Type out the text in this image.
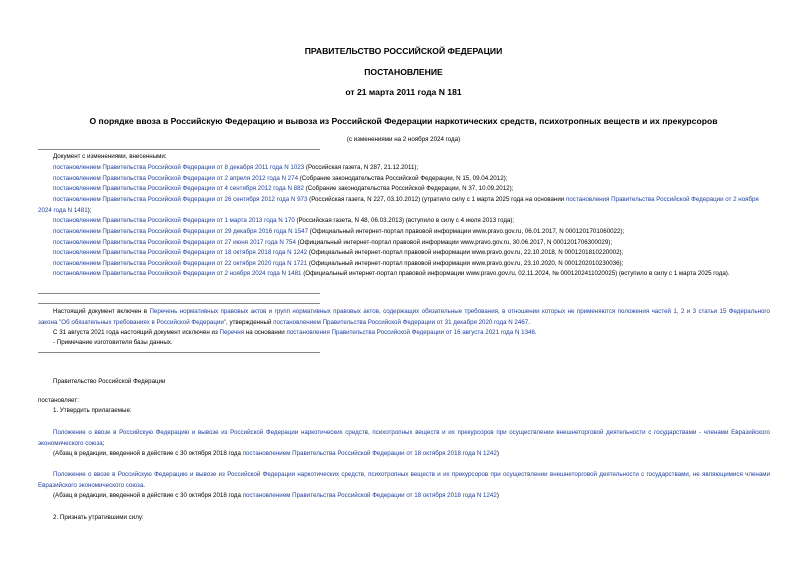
ПРАВИТЕЛЬСТВО РОССИЙСКОЙ ФЕДЕРАЦИИ
ПОСТАНОВЛЕНИЕ
от 21 марта 2011 года N 181
О порядке ввоза в Российскую Федерацию и вывоза из Российской Федерации наркотических средств, психотропных веществ и их прекурсоров
(с изменениями на 2 ноября 2024 года)
Документ с изменениями, внесенными:
постановлением Правительства Российской Федерации от 8 декабря 2011 года N 1023 (Российская газета, N 287, 21.12.2011);
постановлением Правительства Российской Федерации от 2 апреля 2012 года N 274 (Собрание законодательства Российской Федерации, N 15, 09.04.2012);
постановлением Правительства Российской Федерации от 4 сентября 2012 года N 882 (Собрание законодательства Российской Федерации, N 37, 10.09.2012);
постановлением Правительства Российской Федерации от 26 сентября 2012 года N 973 (Российская газета, N 227, 03.10.2012) (утратило силу с 1 марта 2025 года на основании постановления Правительства Российской Федерации от 2 ноября 2024 года N 1481);
постановлением Правительства Российской Федерации от 1 марта 2013 года N 170 (Российская газета, N 48, 06.03.2013) (вступило в силу с 4 июля 2013 года);
постановлением Правительства Российской Федерации от 29 декабря 2016 года N 1547 (Официальный интернет-портал правовой информации www.pravo.gov.ru, 06.01.2017, N 0001201701060022);
постановлением Правительства Российской Федерации от 27 июня 2017 года N 754 (Официальный интернет-портал правовой информации www.pravo.gov.ru, 30.06.2017, N 0001201706300029);
постановлением Правительства Российской Федерации от 18 октября 2018 года N 1242 (Официальный интернет-портал правовой информации www.pravo.gov.ru, 22.10.2018, N 0001201810220002);
постановлением Правительства Российской Федерации от 22 октября 2020 года N 1721 (Официальный интернет-портал правовой информации www.pravo.gov.ru, 23.10.2020, N 0001202010230036);
постановлением Правительства Российской Федерации от 2 ноября 2024 года N 1481 (Официальный интернет-портал правовой информации www.pravo.gov.ru, 02.11.2024, № 0001202411020025) (вступило в силу с 1 марта 2025 года).
Настоящий документ включен в Перечень нормативных правовых актов и групп нормативных правовых актов, содержащих обязательные требования, в отношении которых не применяются положения частей 1, 2 и 3 статьи 15 Федерального закона "Об обязательных требованиях в Российской Федерации", утвержденный постановлением Правительства Российской Федерации от 31 декабря 2020 года N 2467.
С 31 августа 2021 года настоящий документ исключен из Перечня на основании постановления Правительства Российской Федерации от 16 августа 2021 года N 1346.
- Примечание изготовителя базы данных.
Правительство Российской Федерации
постановляет:
1. Утвердить прилагаемые:
Положение о ввозе в Российскую Федерацию и вывозе из Российской Федерации наркотических средств, психотропных веществ и их прекурсоров при осуществлении внешнеторговой деятельности с государствами - членами Евразийского экономического союза;
(Абзац в редакции, введенной в действие с 30 октября 2018 года постановлением Правительства Российской Федерации от 18 октября 2018 года N 1242)
Положение о ввозе в Российскую Федерацию и вывозе из Российской Федерации наркотических средств, психотропных веществ и их прекурсоров при осуществлении внешнеторговой деятельности с государствами, не являющимися членами Евразийского экономического союза.
(Абзац в редакции, введенной в действие с 30 октября 2018 года постановлением Правительства Российской Федерации от 18 октября 2018 года N 1242)
2. Признать утратившими силу:
